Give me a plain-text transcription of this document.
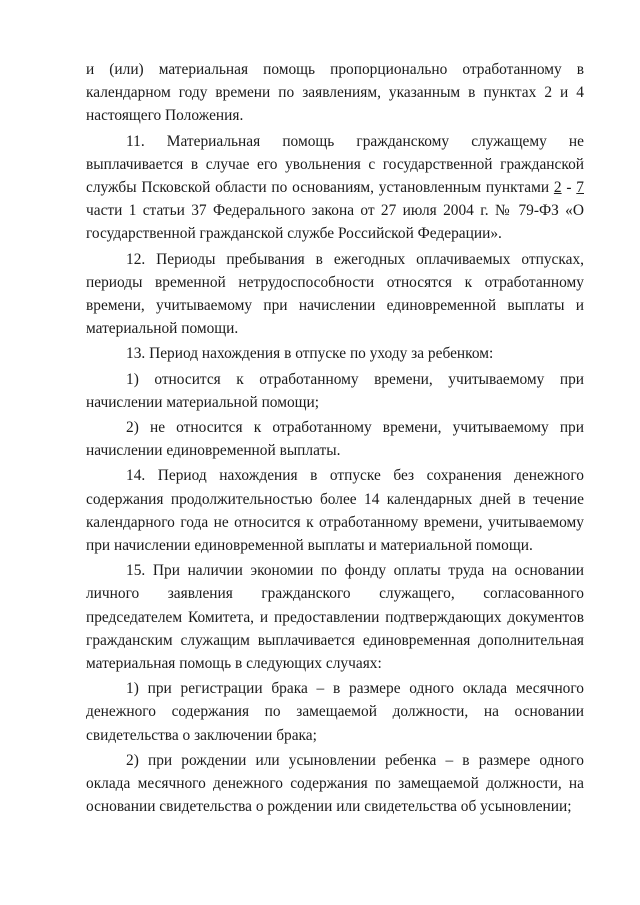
и (или) материальная помощь пропорционально отработанному в календарном году времени по заявлениям, указанным в пунктах 2 и 4 настоящего Положения.

11. Материальная помощь гражданскому служащему не выплачивается в случае его увольнения с государственной гражданской службы Псковской области по основаниям, установленным пунктами 2 - 7 части 1 статьи 37 Федерального закона от 27 июля 2004 г. № 79-ФЗ «О государственной гражданской службе Российской Федерации».

12. Периоды пребывания в ежегодных оплачиваемых отпусках, периоды временной нетрудоспособности относятся к отработанному времени, учитываемому при начислении единовременной выплаты и материальной помощи.

13. Период нахождения в отпуске по уходу за ребенком:

1) относится к отработанному времени, учитываемому при начислении материальной помощи;

2) не относится к отработанному времени, учитываемому при начислении единовременной выплаты.

14. Период нахождения в отпуске без сохранения денежного содержания продолжительностью более 14 календарных дней в течение календарного года не относится к отработанному времени, учитываемому при начислении единовременной выплаты и материальной помощи.

15. При наличии экономии по фонду оплаты труда на основании личного заявления гражданского служащего, согласованного председателем Комитета, и предоставлении подтверждающих документов гражданским служащим выплачивается единовременная дополнительная материальная помощь в следующих случаях:

1) при регистрации брака – в размере одного оклада месячного денежного содержания по замещаемой должности, на основании свидетельства о заключении брака;

2) при рождении или усыновлении ребенка – в размере одного оклада месячного денежного содержания по замещаемой должности, на основании свидетельства о рождении или свидетельства об усыновлении;
